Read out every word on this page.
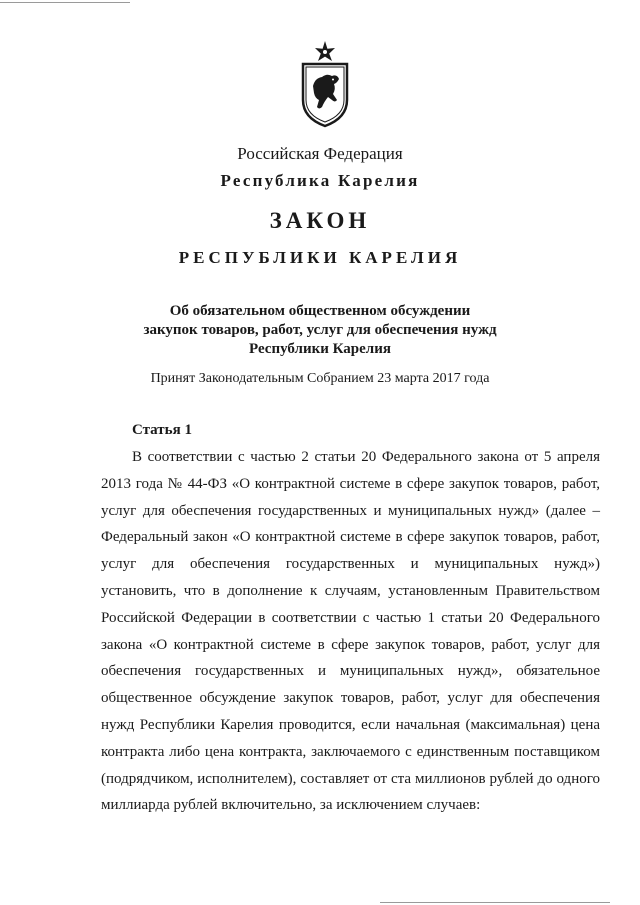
Российская Федерация
Республика Карелия
ЗАКОН
РЕСПУБЛИКИ КАРЕЛИЯ
Об обязательном общественном обсуждении
закупок товаров, работ, услуг для обеспечения нужд
Республики Карелия
Принят Законодательным Собранием 23 марта 2017 года
Статья 1

В соответствии с частью 2 статьи 20 Федерального закона от 5 апреля 2013 года № 44-ФЗ «О контрактной системе в сфере закупок товаров, работ, услуг для обеспечения государственных и муниципальных нужд» (далее – Федеральный закон «О контрактной системе в сфере закупок товаров, работ, услуг для обеспечения государственных и муниципальных нужд») установить, что в дополнение к случаям, установленным Правительством Российской Федерации в соответствии с частью 1 статьи 20 Федерального закона «О контрактной системе в сфере закупок товаров, работ, услуг для обеспечения государственных и муниципальных нужд», обязательное общественное обсуждение закупок товаров, работ, услуг для обеспечения нужд Республики Карелия проводится, если начальная (максимальная) цена контракта либо цена контракта, заключаемого с единственным поставщиком (подрядчиком, исполнителем), составляет от ста миллионов рублей до одного миллиарда рублей включительно, за исключением случаев:
